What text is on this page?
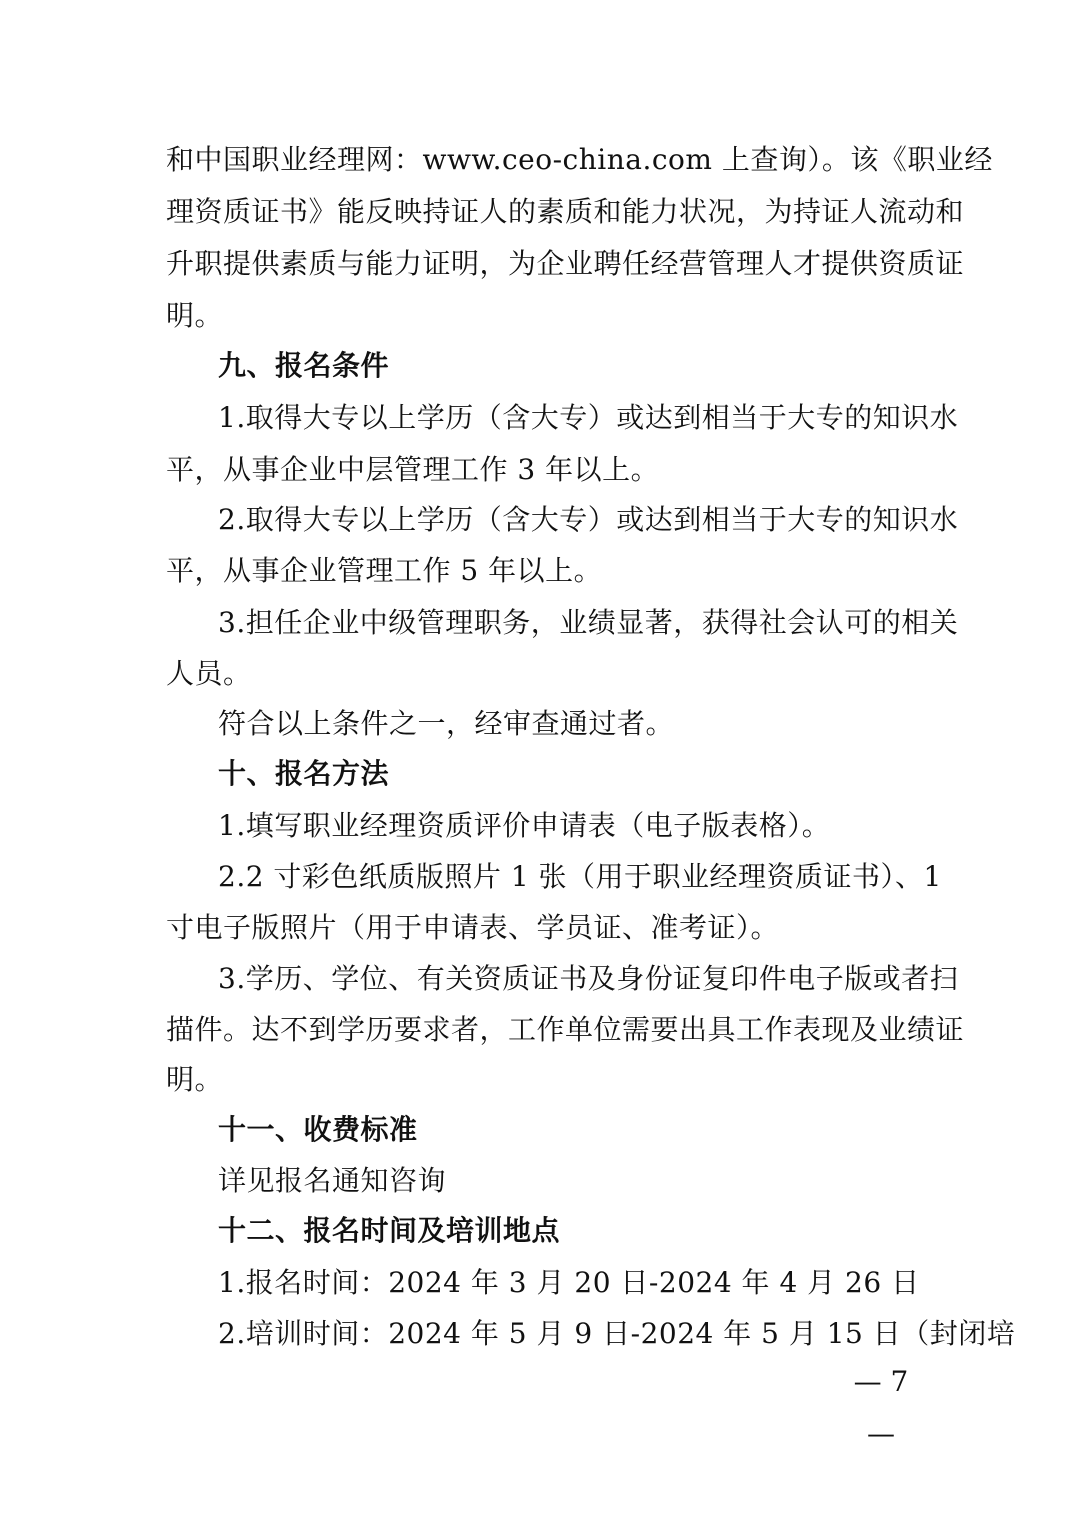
和中国职业经理网：www.ceo-china.com 上查询）。该《职业经
理资质证书》能反映持证人的素质和能力状况，为持证人流动和
升职提供素质与能力证明，为企业聘任经营管理人才提供资质证
明。
九、报名条件
1.取得大专以上学历（含大专）或达到相当于大专的知识水
平，从事企业中层管理工作 3 年以上。
2.取得大专以上学历（含大专）或达到相当于大专的知识水
平，从事企业管理工作 5 年以上。
3.担任企业中级管理职务，业绩显著，获得社会认可的相关
人员。
符合以上条件之一，经审查通过者。
十、报名方法
1.填写职业经理资质评价申请表（电子版表格）。
2.2 寸彩色纸质版照片 1 张（用于职业经理资质证书）、1
寸电子版照片（用于申请表、学员证、准考证）。
3.学历、学位、有关资质证书及身份证复印件电子版或者扫
描件。达不到学历要求者，工作单位需要出具工作表现及业绩证
明。
十一、收费标准
详见报名通知咨询
十二、报名时间及培训地点
1.报名时间：2024 年 3 月 20 日-2024 年 4 月 26 日
2.培训时间：2024 年 5 月 9 日-2024 年 5 月 15 日（封闭培
— 7 —
